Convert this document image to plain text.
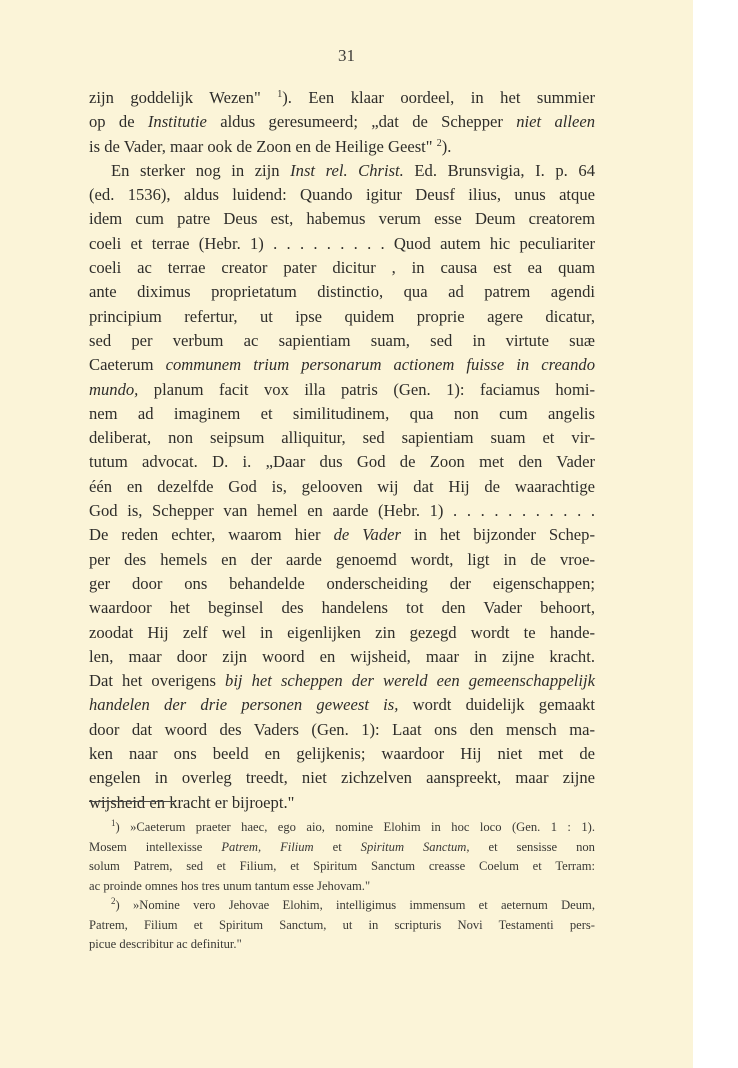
31
zijn goddelijk Wezen" $^1$). Een klaar oordeel, in het summier
op de Institutie aldus geresumeerd; „dat de Schepper niet alleen
is de Vader, maar ook de Zoon en de Heilige Geest" $^2$).
En sterker nog in zijn Inst rel. Christ. Ed. Brunsvigia, I. p. 64
(ed. 1536), aldus luidend: Quando igitur Deusf ilius, unus atque
idem cum patre Deus est, habemus verum esse Deum creatorem
coeli et terrae (Hebr. 1) . . . . . . . . . Quod autem hic peculiariter
coeli ac terrae creator pater dicitur , in causa est ea quam
ante diximus proprietatum distinctio, qua ad patrem agendi
principium refertur, ut ipse quidem proprie agere dicatur,
sed per verbum ac sapientiam suam, sed in virtute suæ
Caeterum communem trium personarum actionem fuisse in creando
mundo, planum facit vox illa patris (Gen. 1): faciamus homi-
nem ad imaginem et similitudinem, qua non cum angelis
deliberat, non seipsum alliquitur, sed sapientiam suam et vir-
tutum advocat. D. i. „Daar dus God de Zoon met den Vader
één en dezelfde God is, gelooven wij dat Hij de waarachtige
God is, Schepper van hemel en aarde (Hebr. 1) . . . . . . . . . . .
De reden echter, waarom hier de Vader in het bijzonder Schep-
per des hemels en der aarde genoemd wordt, ligt in de vroe-
ger door ons behandelde onderscheiding der eigenschappen;
waardoor het beginsel des handelens tot den Vader behoort,
zoodat Hij zelf wel in eigenlijken zin gezegd wordt te hande-
len, maar door zijn woord en wijsheid, maar in zijne kracht.
Dat het overigens bij het scheppen der wereld een gemeenschappelijk
handelen der drie personen geweest is, wordt duidelijk gemaakt
door dat woord des Vaders (Gen. 1): Laat ons den mensch ma-
ken naar ons beeld en gelijkenis; waardoor Hij niet met de
engelen in overleg treedt, niet zichzelven aanspreekt, maar zijne
wijsheid en kracht er bijroept."
$^1$) »Caeterum praeter haec, ego aio, nomine Elohim in hoc loco (Gen. 1 : 1).
Mosem intellexisse Patrem, Filium et Spiritum Sanctum, et sensisse non
solum Patrem, sed et Filium, et Spiritum Sanctum creasse Coelum et Terram:
ac proinde omnes hos tres unum tantum esse Jehovam."
$^2$) »Nomine vero Jehovae Elohim, intelligimus immensum et aeternum Deum,
Patrem, Filium et Spiritum Sanctum, ut in scripturis Novi Testamenti pers-
picue describitur ac definitur."
